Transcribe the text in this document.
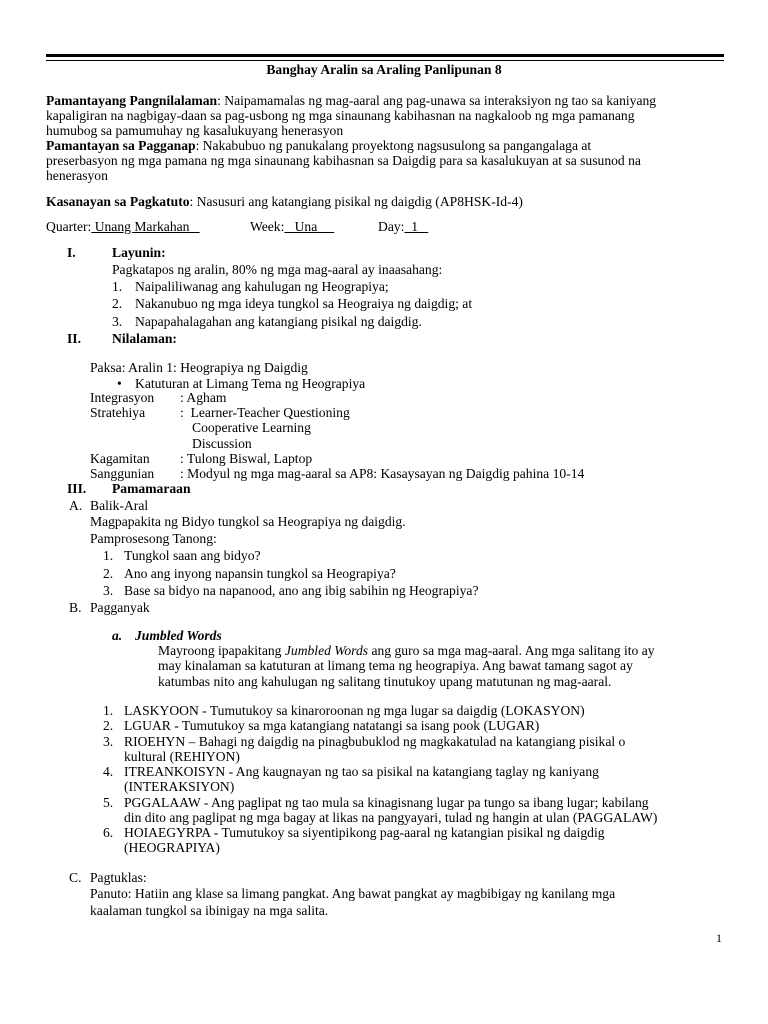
Banghay Aralin sa Araling Panlipunan 8
Pamantayang Pangnilalaman: Naipamamalas ng mag-aaral ang pag-unawa sa interaksiyon ng tao sa kaniyang
kapaligiran na nagbigay-daan sa pag-usbong ng mga sinaunang kabihasnan na nagkaloob ng mga pamanang
humubog sa pamumuhay ng kasalukuyang henerasyon
Pamantayan sa Pagganap: Nakabubuo ng panukalang proyektong nagsusulong sa pangangalaga at
preserbasyon ng mga pamana ng mga sinaunang kabihasnan sa Daigdig para sa kasalukuyan at sa susunod na
henerasyon
Kasanayan sa Pagkatuto: Nasusuri ang katangiang pisikal ng daigdig (AP8HSK-Id-4)
Quarter: Unang Markahan	Week:   Una	Day:  1
I.	Layunin:
Pagkatapos ng aralin, 80% ng mga mag-aaral ay inaasahang:
1. Naipaliliwanag ang kahulugan ng Heograpiya;
2. Nakanubuo ng mga ideya tungkol sa Heograiya ng daigdig; at
3. Napapahalagahan ang katangiang pisikal ng daigdig.
II. Nilalaman:
Paksa: Aralin 1: Heograpiya ng Daigdig
• Katuturan at Limang Tema ng Heograpiya
Integrasyon : Agham
Stratehiya	:  Learner-Teacher Questioning
Cooperative Learning
Discussion
Kagamitan : Tulong Biswal, Laptop
Sanggunian : Modyul ng mga mag-aaral sa AP8: Kasaysayan ng Daigdig pahina 10-14
III. Pamamaraan
A. Balik-Aral
Magpapakita ng Bidyo tungkol sa Heograpiya ng daigdig.
Pamprosesong Tanong:
1. Tungkol saan ang bidyo?
2. Ano ang inyong napansin tungkol sa Heograpiya?
3. Base sa bidyo na napanood, ano ang ibig sabihin ng Heograpiya?
B. Pagganyak
a. Jumbled Words
Mayroong ipapakitang Jumbled Words ang guro sa mga mag-aaral. Ang mga salitang ito ay
may kinalaman sa katuturan at limang tema ng heograpiya. Ang bawat tamang sagot ay
katumbas nito ang kahulugan ng salitang tinutukoy upang matutunan ng mag-aaral.
1. LASKYOON - Tumutukoy sa kinaroroonan ng mga lugar sa daigdig (LOKASYON)
2. LGUAR - Tumutukoy sa mga katangiang natatangi sa isang pook (LUGAR)
3. RIOEHYN – Bahagi ng daigdig na pinagbubuklod ng magkakatulad na katangiang pisikal o
kultural (REHIYON)
4. ITREANKOISYN - Ang kaugnayan ng tao sa pisikal na katangiang taglay ng kaniyang
(INTERAKSIYON)
5. PGGALAAW - Ang paglipat ng tao mula sa kinagisnang lugar pa tungo sa ibang lugar; kabilang
din dito ang paglipat ng mga bagay at likas na pangyayari, tulad ng hangin at ulan (PAGGALAW)
6. HOIAEGYRPA - Tumutukoy sa siyentipikong pag-aaral ng katangian pisikal ng daigdig
(HEOGRAPIYA)
C. Pagtuklas:
Panuto: Hatiin ang klase sa limang pangkat. Ang bawat pangkat ay magbibigay ng kanilang mga
kaalaman tungkol sa ibinigay na mga salita.
1
